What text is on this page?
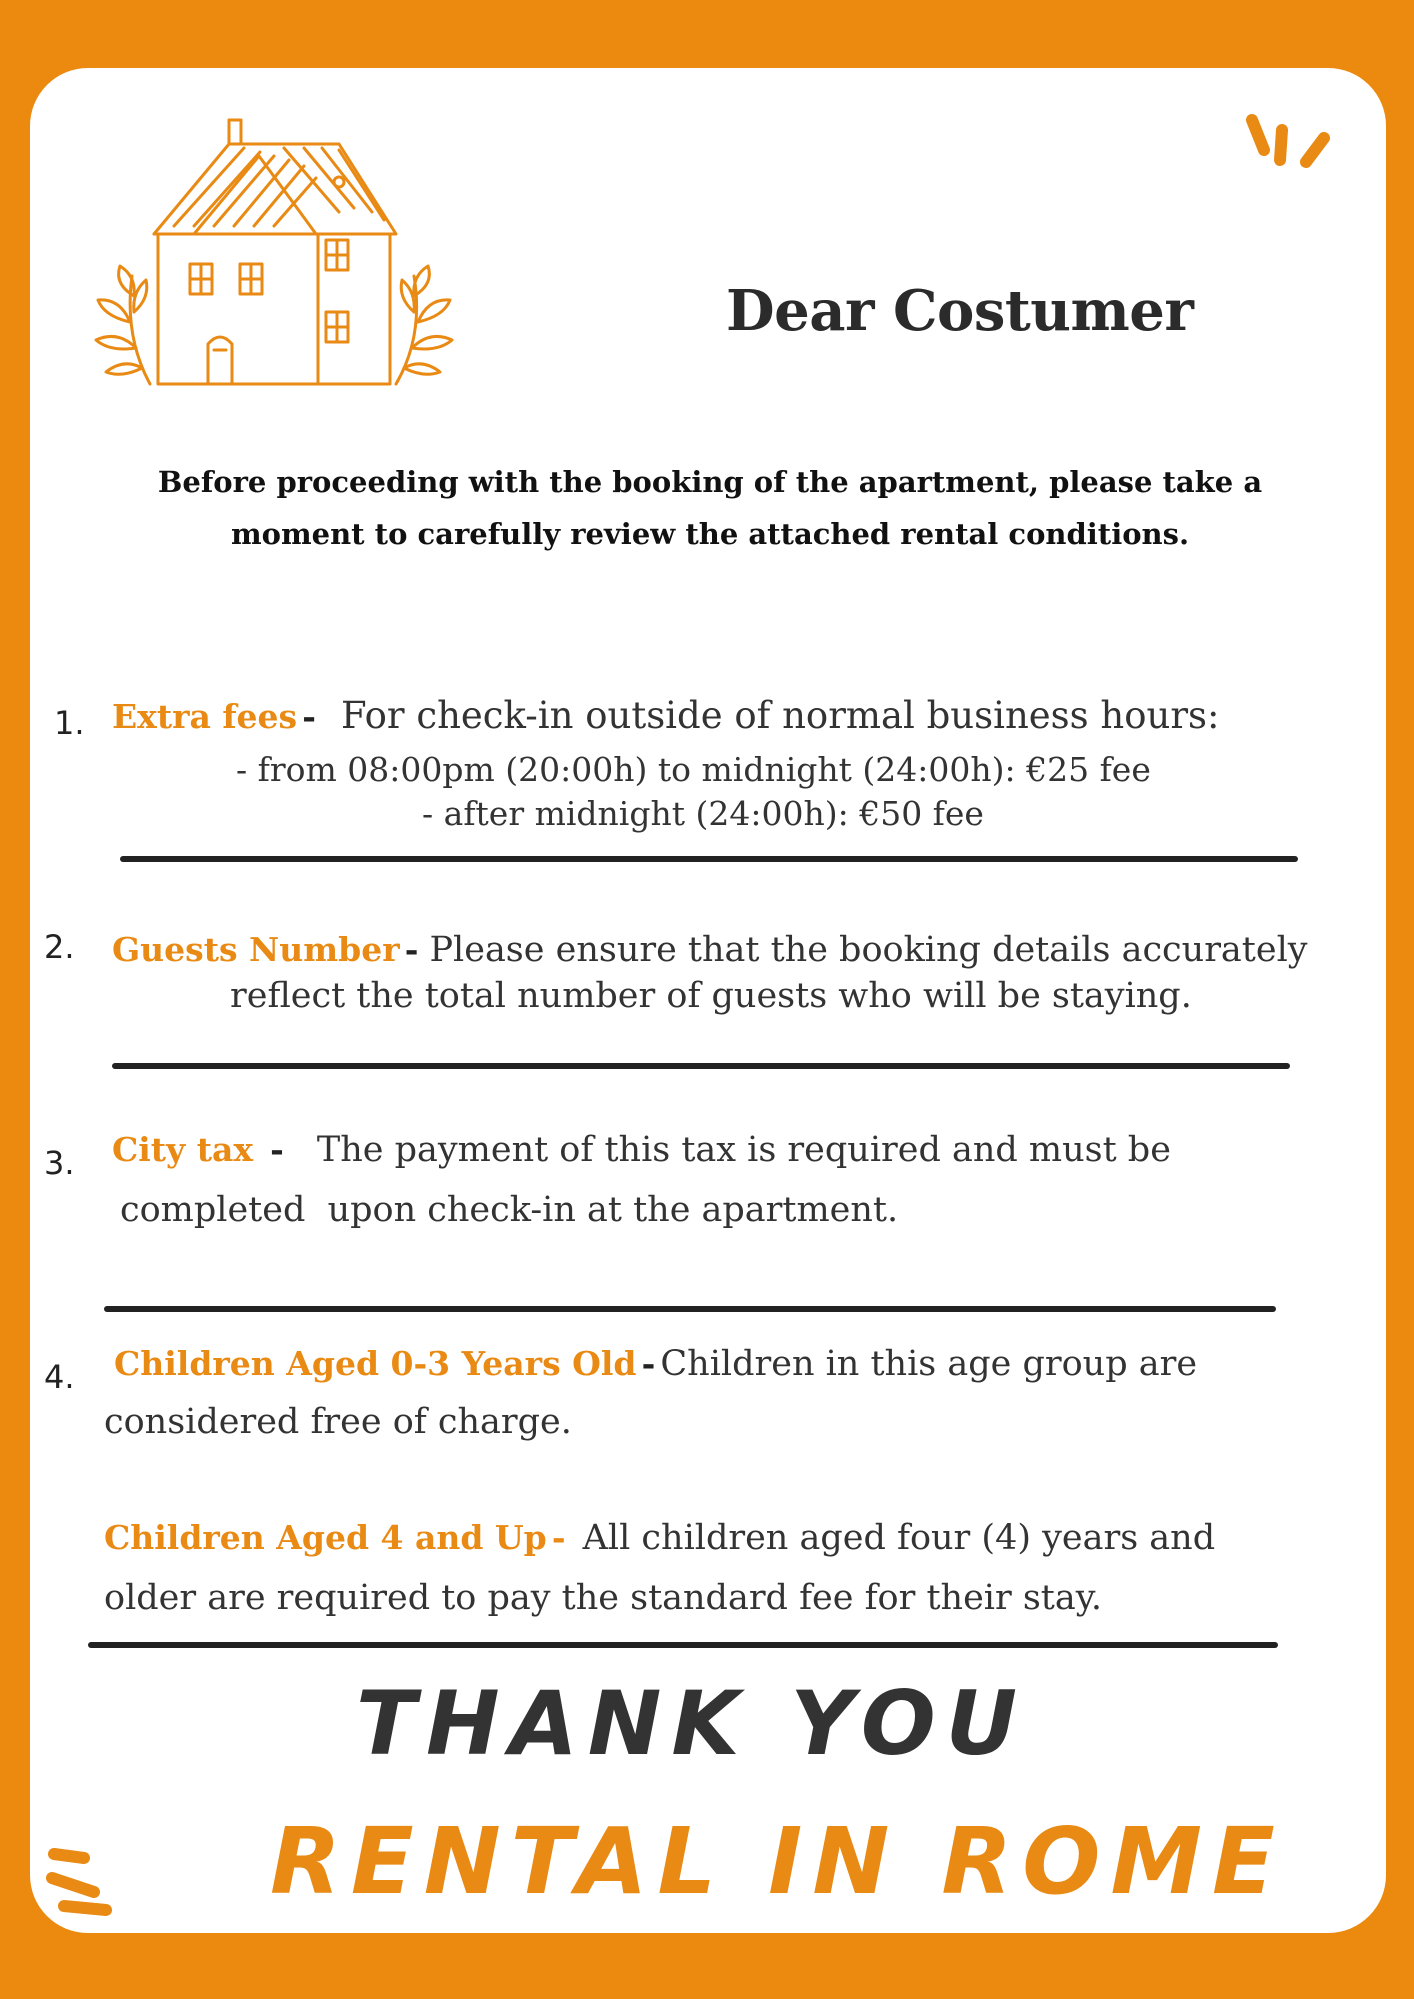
Dear Costumer
Before proceeding with the booking of the apartment, please take a moment to carefully review the attached rental conditions.
1. Extra fees - For check-in outside of normal business hours:
- from 08:00pm (20:00h) to midnight (24:00h): €25 fee
- after midnight (24:00h): €50 fee
2. Guests Number - Please ensure that the booking details accurately
reflect the total number of guests who will be staying.
3. City tax - The payment of this tax is required and must be
completed  upon check-in at the apartment.
4. Children Aged 0-3 Years Old - Children in this age group are
considered free of charge.
Children Aged 4 and Up - All children aged four (4) years and
older are required to pay the standard fee for their stay.
THANK YOU
RENTAL IN ROME
